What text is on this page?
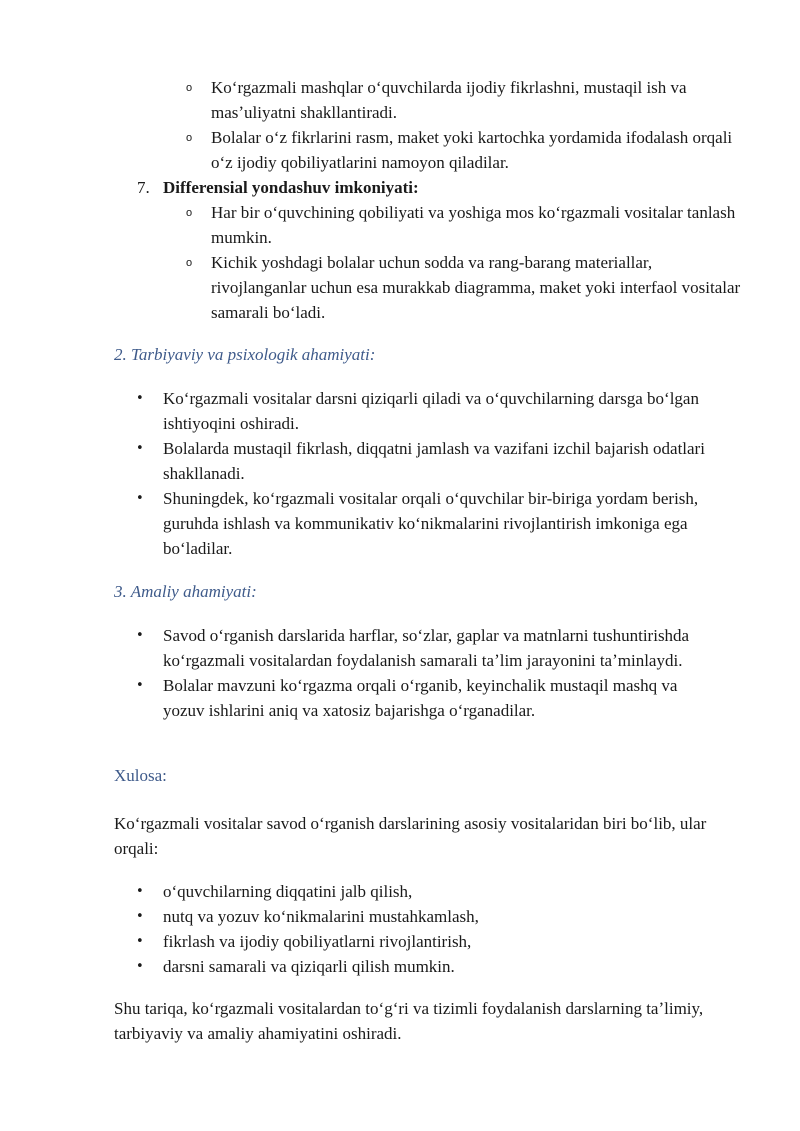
o Koʻrgazmali mashqlar oʻquvchilarda ijodiy fikrlashni, mustaqil ish va masʼuliyatni shakllantiradi.
o Bolalar oʻz fikrlarini rasm, maket yoki kartochka yordamida ifodalash orqali oʻz ijodiy qobiliyatlarini namoyon qiladilar.
7. Differensial yondashuv imkoniyati:
o Har bir oʻquvchining qobiliyati va yoshiga mos koʻrgazmali vositalar tanlash mumkin.
o Kichik yoshdagi bolalar uchun sodda va rang-barang materiallar, rivojlanganlar uchun esa murakkab diagramma, maket yoki interfaol vositalar samarali boʻladi.
2. Tarbiyaviy va psixologik ahamiyati:
• Koʻrgazmali vositalar darsni qiziqarli qiladi va oʻquvchilarning darsga boʻlgan ishtiyoqini oshiradi.
• Bolalarda mustaqil fikrlash, diqqatni jamlash va vazifani izchil bajarish odatlari shakllanadi.
• Shuningdek, koʻrgazmali vositalar orqali oʻquvchilar bir-biriga yordam berish, guruhda ishlash va kommunikativ koʻnikmalarini rivojlantirish imkoniga ega boʻladilar.
3. Amaliy ahamiyati:
• Savod oʻrganish darslarida harflar, soʻzlar, gaplar va matnlarni tushuntirishda koʻrgazmali vositalardan foydalanish samarali taʼlim jarayonini taʼminlaydi.
• Bolalar mavzuni koʻrgazma orqali oʻrganib, keyinchalik mustaqil mashq va yozuv ishlarini aniq va xatosiz bajarishga oʻrganadilar.
Xulosa:
Koʻrgazmali vositalar savod oʻrganish darslarining asosiy vositalaridan biri boʻlib, ular orqali:
• oʻquvchilarning diqqatini jalb qilish,
• nutq va yozuv koʻnikmalarini mustahkamlash,
• fikrlash va ijodiy qobiliyatlarni rivojlantirish,
• darsni samarali va qiziqarli qilish mumkin.
Shu tariqa, koʻrgazmali vositalardan toʻgʻri va tizimli foydalanish darslarning taʼlimiy, tarbiyaviy va amaliy ahamiyatini oshiradi.
